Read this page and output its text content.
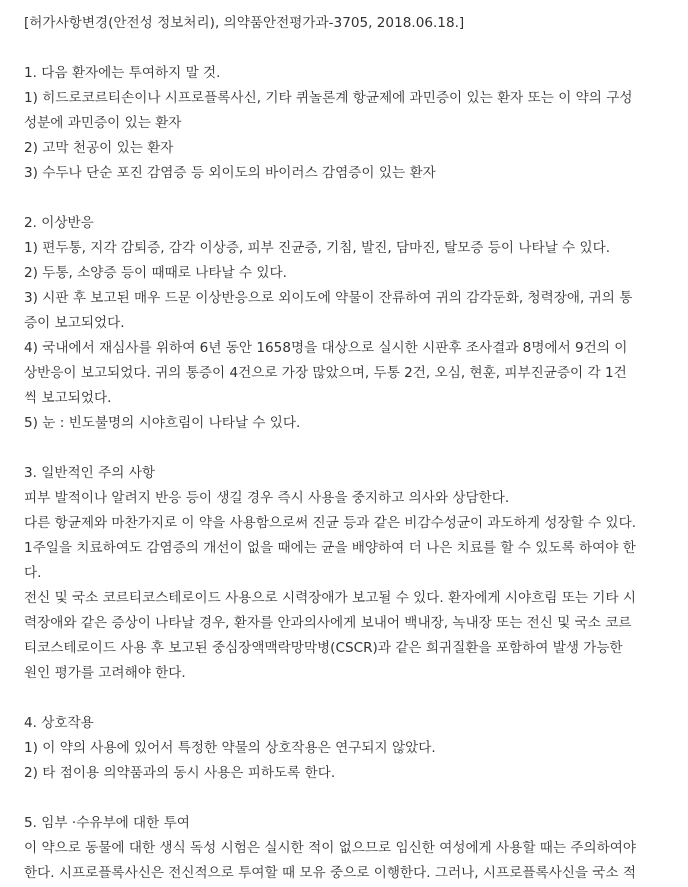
[허가사항변경(안전성 정보처리), 의약품안전평가과-3705, 2018.06.18.]
1. 다음 환자에는 투여하지 말 것.
1) 히드로코르티손이나 시프로플록사신, 기타 퀴놀론계 항균제에 과민증이 있는 환자 또는 이 약의 구성
성분에 과민증이 있는 환자
2) 고막 천공이 있는 환자
3) 수두나 단순 포진 감염증 등 외이도의 바이러스 감염증이 있는 환자
2. 이상반응
1) 편두통, 지각 감퇴증, 감각 이상증, 피부 진균증, 기침, 발진, 담마진, 탈모증 등이 나타날 수 있다.
2) 두통, 소양증 등이 때때로 나타날 수 있다.
3) 시판 후 보고된 매우 드문 이상반응으로 외이도에 약물이 잔류하여 귀의 감각둔화, 청력장애, 귀의 통
증이 보고되었다.
4) 국내에서 재심사를 위하여 6년 동안 1658명을 대상으로 실시한 시판후 조사결과 8명에서 9건의 이
상반응이 보고되었다. 귀의 통증이 4건으로 가장 많았으며, 두통 2건, 오심, 현훈, 피부진균증이 각 1건
씩 보고되었다.
5) 눈 : 빈도불명의 시야흐림이 나타날 수 있다.
3. 일반적인 주의 사항
피부 발적이나 알려지 반응 등이 생길 경우 즉시 사용을 중지하고 의사와 상담한다.
다른 항균제와 마찬가지로 이 약을 사용함으로써 진균 등과 같은 비감수성균이 과도하게 성장할 수 있다.
1주일을 치료하여도 감염증의 개선이 없을 때에는 균을 배양하여 더 나은 치료를 할 수 있도록 하여야 한
다.
전신 및 국소 코르티코스테로이드 사용으로 시력장애가 보고될 수 있다. 환자에게 시야흐림 또는 기타 시
력장애와 같은 증상이 나타날 경우, 환자를 안과의사에게 보내어 백내장, 녹내장 또는 전신 및 국소 코르
티코스테로이드 사용 후 보고된 중심장액맥락망막병(CSCR)과 같은 희귀질환을 포함하여 발생 가능한
원인 평가를 고려해야 한다.
4. 상호작용
1) 이 약의 사용에 있어서 특정한 약물의 상호작용은 연구되지 않았다.
2) 타 점이용 의약품과의 동시 사용은 피하도록 한다.
5. 임부 ·수유부에 대한 투여
이 약으로 동물에 대한 생식 독성 시험은 실시한 적이 없으므로 임신한 여성에게 사용할 때는 주의하여야
한다. 시프로플록사신은 전신적으로 투여할 때 모유 중으로 이행한다. 그러나, 시프로플록사신을 국소 적
